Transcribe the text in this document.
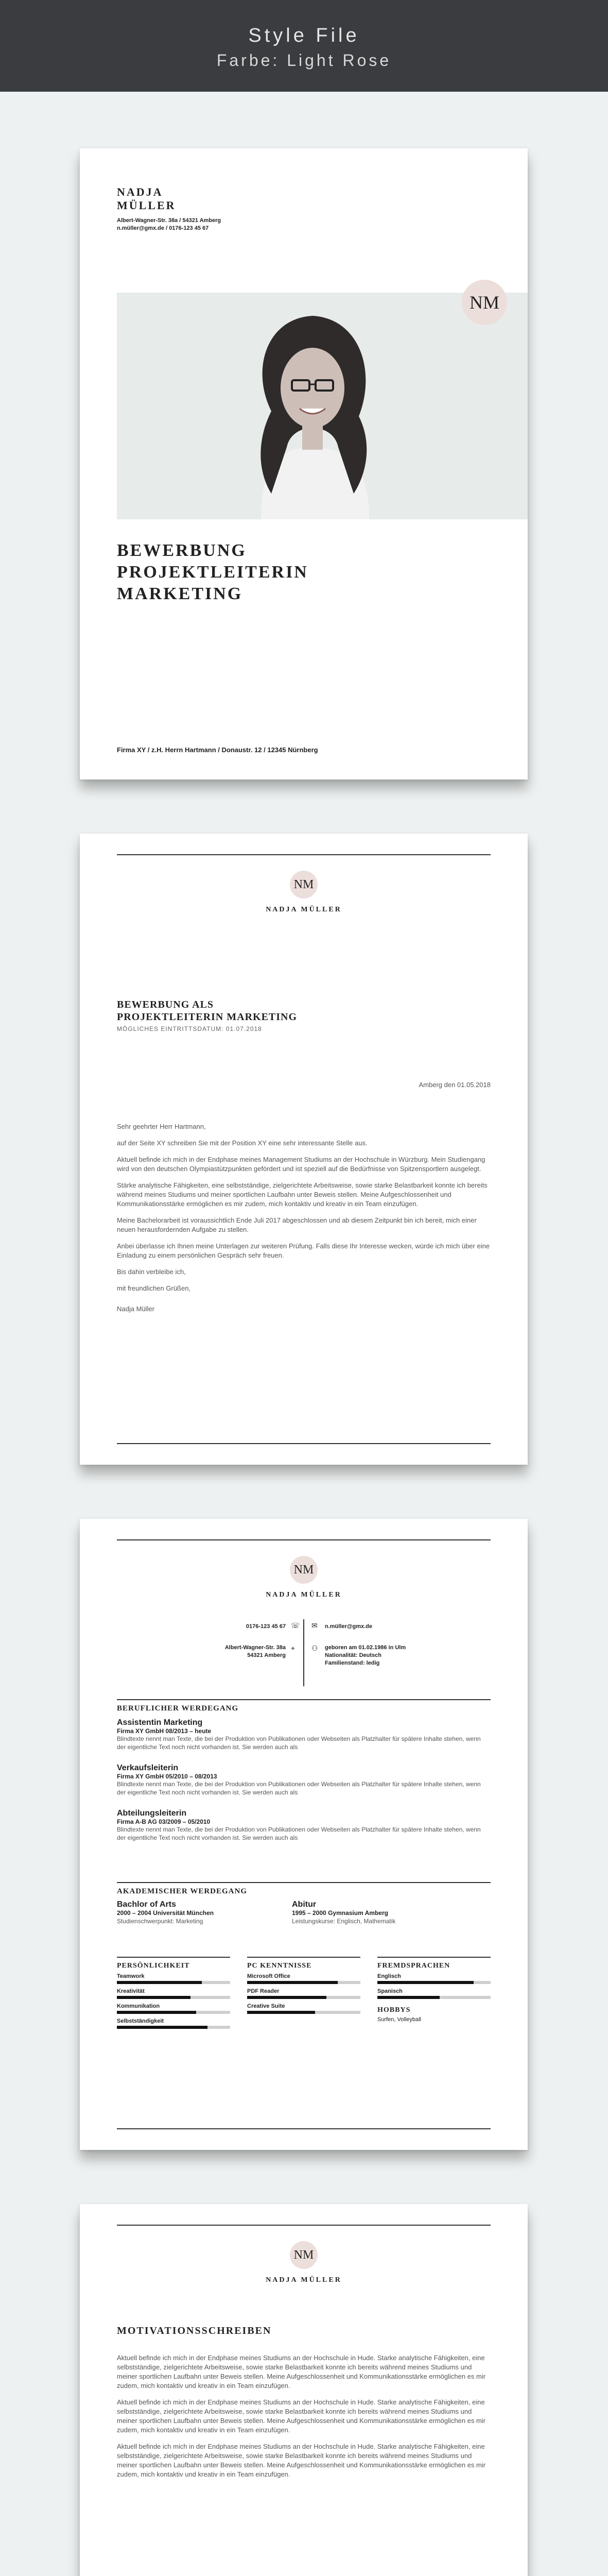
Style File
Farbe: Light Rose
NADJA
MÜLLER
Albert-Wagner-Str. 38a / 54321 Amberg
n.müller@gmx.de / 0176-123 45 67
NM
BEWERBUNG
PROJEKTLEITERIN
MARKETING
Firma XY / z.H. Herrn Hartmann / Donaustr. 12 / 12345 Nürnberg
NM
NADJA MÜLLER
BEWERBUNG ALS
PROJEKTLEITERIN MARKETING
MÖGLICHES EINTRITTSDATUM: 01.07.2018
Amberg den 01.05.2018

Sehr geehrter Herr Hartmann,

auf der Seite XY schreiben Sie mit der Position XY eine sehr interessante Stelle aus.

Aktuell befinde ich mich in der Endphase meines Management Studiums an der Hochschule in Würzburg. Mein Studiengang wird von den deutschen Olympiastützpunkten gefördert und ist speziell auf die Bedürfnisse von Spitzensportlern ausgelegt.

Stärke analytische Fähigkeiten, eine selbstständige, zielgerichtete Arbeitsweise, sowie starke Belastbarkeit konnte ich bereits während meines Studiums und meiner sportlichen Laufbahn unter Beweis stellen. Meine Aufgeschlossenheit und Kommunikationsstärke ermöglichen es mir zudem, mich kontaktiv und kreativ in ein Team einzufügen.

Meine Bachelorarbeit ist voraussichtlich Ende Juli 2017 abgeschlossen und ab diesem Zeitpunkt bin ich bereit, mich einer neuen herausfordernden Aufgabe zu stellen.

Anbei überlasse ich Ihnen meine Unterlagen zur weiteren Prüfung. Falls diese Ihr Interesse wecken, würde ich mich über eine Einladung zu einem persönlichen Gespräch sehr freuen.

Bis dahin verbleibe ich,

mit freundlichen Grüßen,

Nadja Müller

NM
NADJA MÜLLER
0176-123 45 67 ☏
Albert-Wagner-Str. 38a
54321 Amberg
⌖
✉ n.müller@gmx.de
⚇ geboren am 01.02.1986 in Ulm
Nationalität: Deutsch
Familienstand: ledig
BERUFLICHER WERDEGANG
Assistentin Marketing
Firma XY GmbH 08/2013 – heute
Blindtexte nennt man Texte, die bei der Produktion von Publikationen oder Webseiten als Platzhalter für spätere Inhalte stehen, wenn der eigentliche Text noch nicht vorhanden ist. Sie werden auch als
Verkaufsleiterin
Firma XY GmbH 05/2010 – 08/2013
Blindtexte nennt man Texte, die bei der Produktion von Publikationen oder Webseiten als Platzhalter für spätere Inhalte stehen, wenn der eigentliche Text noch nicht vorhanden ist. Sie werden auch als
Abteilungsleiterin
Firma A-B AG 03/2009 – 05/2010
Blindtexte nennt man Texte, die bei der Produktion von Publikationen oder Webseiten als Platzhalter für spätere Inhalte stehen, wenn der eigentliche Text noch nicht vorhanden ist. Sie werden auch als
AKADEMISCHER WERDEGANG
Bachlor of Arts
2000 – 2004 Universität München
Studienschwerpunkt: Marketing
Abitur
1995 – 2000 Gymnasium Amberg
Leistungskurse: Englisch, Mathematik
PERSÖNLICHKEIT
Teamwork
Kreativität
Kommunikation
Selbstständigkeit
PC KENNTNISSE
Microsoft Office
PDF Reader
Creative Suite
FREMDSPRACHEN
Englisch
Spanisch
HOBBYS
Surfen, Volleyball
NM
NADJA MÜLLER
MOTIVATIONSSCHREIBEN

Aktuell befinde ich mich in der Endphase meines Studiums an der Hochschule in Hude. Starke analytische Fähigkeiten, eine selbstständige, zielgerichtete Arbeitsweise, sowie starke Belastbarkeit konnte ich bereits während meines Studiums und meiner sportlichen Laufbahn unter Beweis stellen. Meine Aufgeschlossenheit und Kommunikationsstärke ermöglichen es mir zudem, mich kontaktiv und kreativ in ein Team einzufügen.

Aktuell befinde ich mich in der Endphase meines Studiums an der Hochschule in Hude. Starke analytische Fähigkeiten, eine selbstständige, zielgerichtete Arbeitsweise, sowie starke Belastbarkeit konnte ich bereits während meines Studiums und meiner sportlichen Laufbahn unter Beweis stellen. Meine Aufgeschlossenheit und Kommunikationsstärke ermöglichen es mir zudem, mich kontaktiv und kreativ in ein Team einzufügen.

Aktuell befinde ich mich in der Endphase meines Studiums an der Hochschule in Hude. Starke analytische Fähigkeiten, eine selbstständige, zielgerichtete Arbeitsweise, sowie starke Belastbarkeit konnte ich bereits während meines Studiums und meiner sportlichen Laufbahn unter Beweis stellen. Meine Aufgeschlossenheit und Kommunikationsstärke ermöglichen es mir zudem, mich kontaktiv und kreativ in ein Team einzufügen.
